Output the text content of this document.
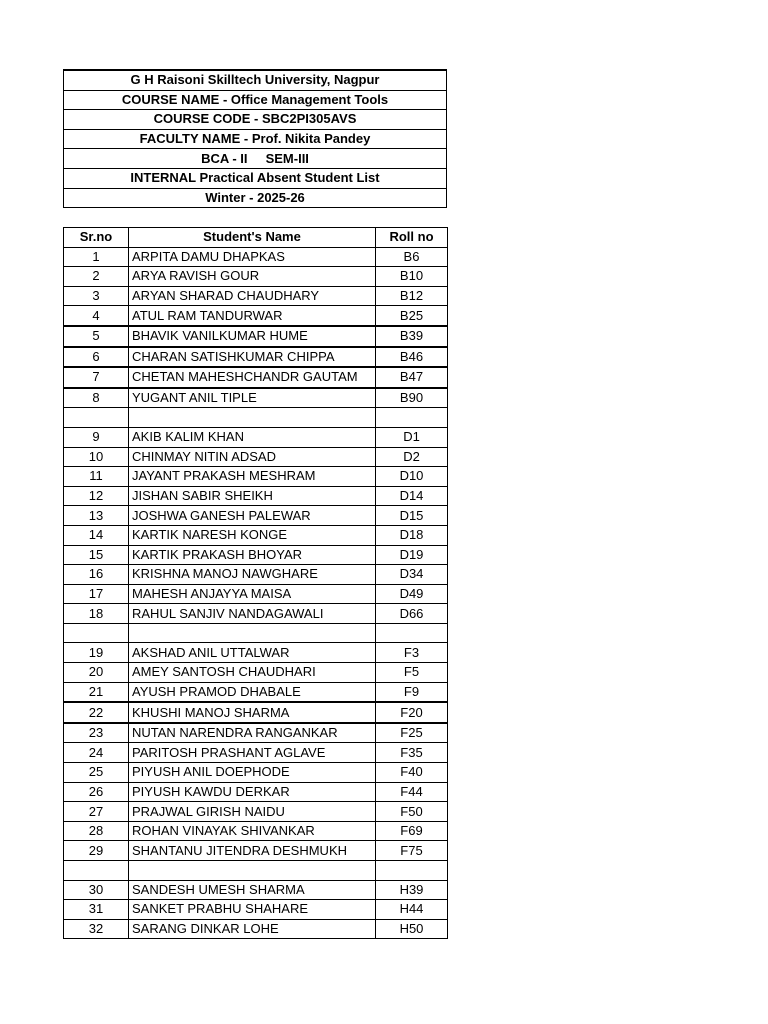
G H Raisoni Skilltech University, Nagpur
COURSE NAME - Office Management Tools
COURSE CODE - SBC2PI305AVS
FACULTY NAME - Prof. Nikita Pandey
BCA - II     SEM-III
INTERNAL Practical Absent Student List
Winter - 2025-26
Sr.no	Student's Name	Roll no
1	ARPITA DAMU DHAPKAS	B6
2	ARYA RAVISH GOUR	B10
3	ARYAN SHARAD CHAUDHARY	B12
4	ATUL RAM TANDURWAR	B25
5	BHAVIK VANILKUMAR HUME	B39
6	CHARAN SATISHKUMAR CHIPPA	B46
7	CHETAN MAHESHCHANDR GAUTAM	B47
8	YUGANT ANIL TIPLE	B90

9	AKIB KALIM KHAN	D1
10	CHINMAY NITIN ADSAD	D2
11	JAYANT PRAKASH MESHRAM	D10
12	JISHAN SABIR SHEIKH	D14
13	JOSHWA GANESH PALEWAR	D15
14	KARTIK NARESH KONGE	D18
15	KARTIK PRAKASH BHOYAR	D19
16	KRISHNA MANOJ NAWGHARE	D34
17	MAHESH ANJAYYA MAISA	D49
18	RAHUL SANJIV NANDAGAWALI	D66

19	AKSHAD ANIL UTTALWAR	F3
20	AMEY SANTOSH CHAUDHARI	F5
21	AYUSH PRAMOD DHABALE	F9
22	KHUSHI MANOJ SHARMA	F20
23	NUTAN NARENDRA RANGANKAR	F25
24	PARITOSH PRASHANT AGLAVE	F35
25	PIYUSH ANIL DOEPHODE	F40
26	PIYUSH KAWDU DERKAR	F44
27	PRAJWAL GIRISH NAIDU	F50
28	ROHAN VINAYAK SHIVANKAR	F69
29	SHANTANU JITENDRA DESHMUKH	F75

30	SANDESH UMESH SHARMA	H39
31	SANKET PRABHU SHAHARE	H44
32	SARANG DINKAR LOHE	H50
